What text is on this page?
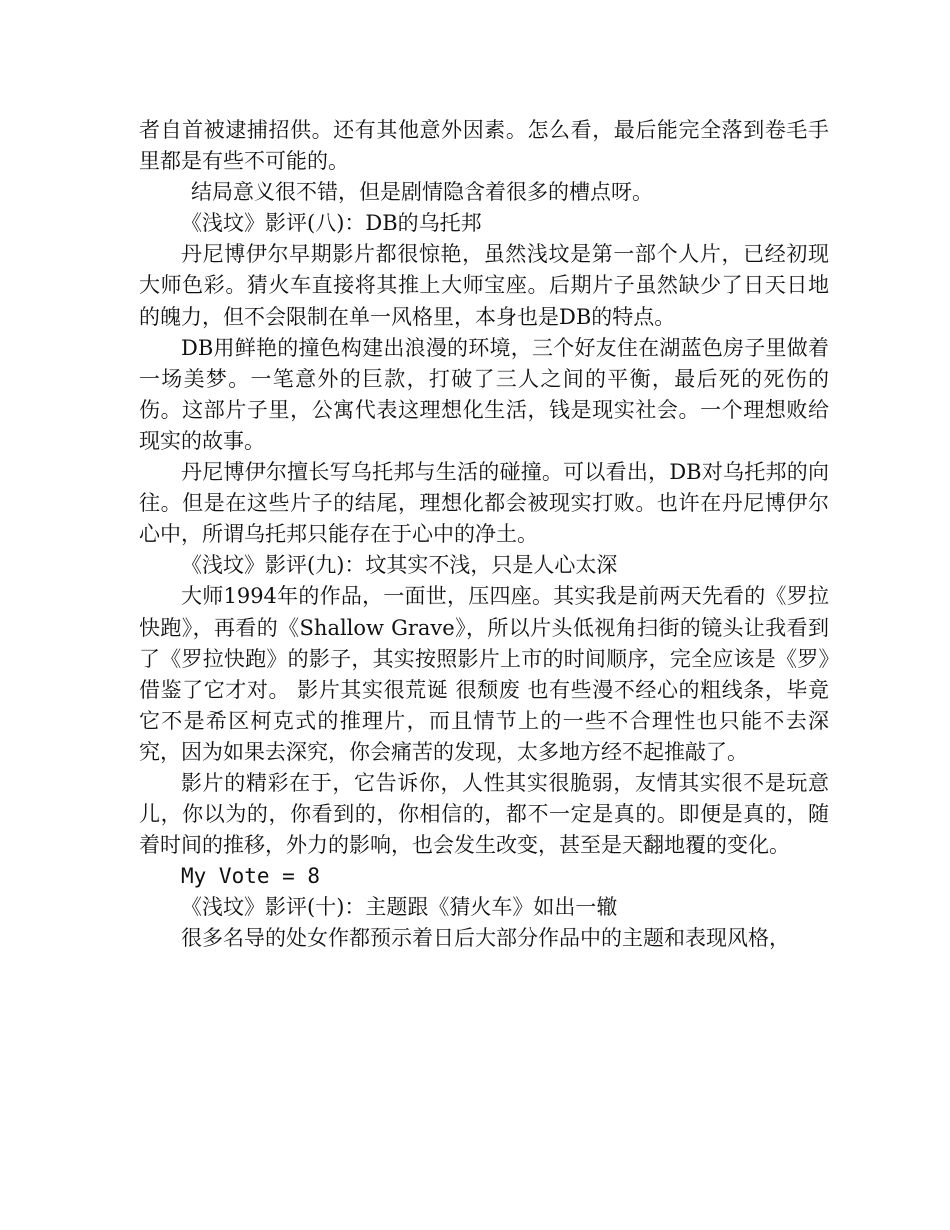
者自首被逮捕招供。还有其他意外因素。怎么看，最后能完全落到卷毛手里都是有些不可能的。

结局意义很不错，但是剧情隐含着很多的槽点呀。

《浅坟》影评(八)：DB的乌托邦

丹尼博伊尔早期影片都很惊艳，虽然浅坟是第一部个人片，已经初现大师色彩。猜火车直接将其推上大师宝座。后期片子虽然缺少了日天日地的魄力，但不会限制在单一风格里，本身也是DB的特点。

DB用鲜艳的撞色构建出浪漫的环境，三个好友住在湖蓝色房子里做着一场美梦。一笔意外的巨款，打破了三人之间的平衡，最后死的死伤的伤。这部片子里，公寓代表这理想化生活，钱是现实社会。一个理想败给现实的故事。

丹尼博伊尔擅长写乌托邦与生活的碰撞。可以看出，DB对乌托邦的向往。但是在这些片子的结尾，理想化都会被现实打败。也许在丹尼博伊尔心中，所谓乌托邦只能存在于心中的净土。

《浅坟》影评(九)：坟其实不浅，只是人心太深

大师1994年的作品，一面世，压四座。其实我是前两天先看的《罗拉快跑》，再看的《Shallow Grave》，所以片头低视角扫街的镜头让我看到了《罗拉快跑》的影子，其实按照影片上市的时间顺序，完全应该是《罗》借鉴了它才对。 影片其实很荒诞 很颓废 也有些漫不经心的粗线条，毕竟它不是希区柯克式的推理片，而且情节上的一些不合理性也只能不去深究，因为如果去深究，你会痛苦的发现，太多地方经不起推敲了。

影片的精彩在于，它告诉你，人性其实很脆弱，友情其实很不是玩意儿，你以为的，你看到的，你相信的，都不一定是真的。即便是真的，随着时间的推移，外力的影响，也会发生改变，甚至是天翻地覆的变化。

My Vote = 8

《浅坟》影评(十)：主题跟《猜火车》如出一辙

很多名导的处女作都预示着日后大部分作品中的主题和表现风格，
